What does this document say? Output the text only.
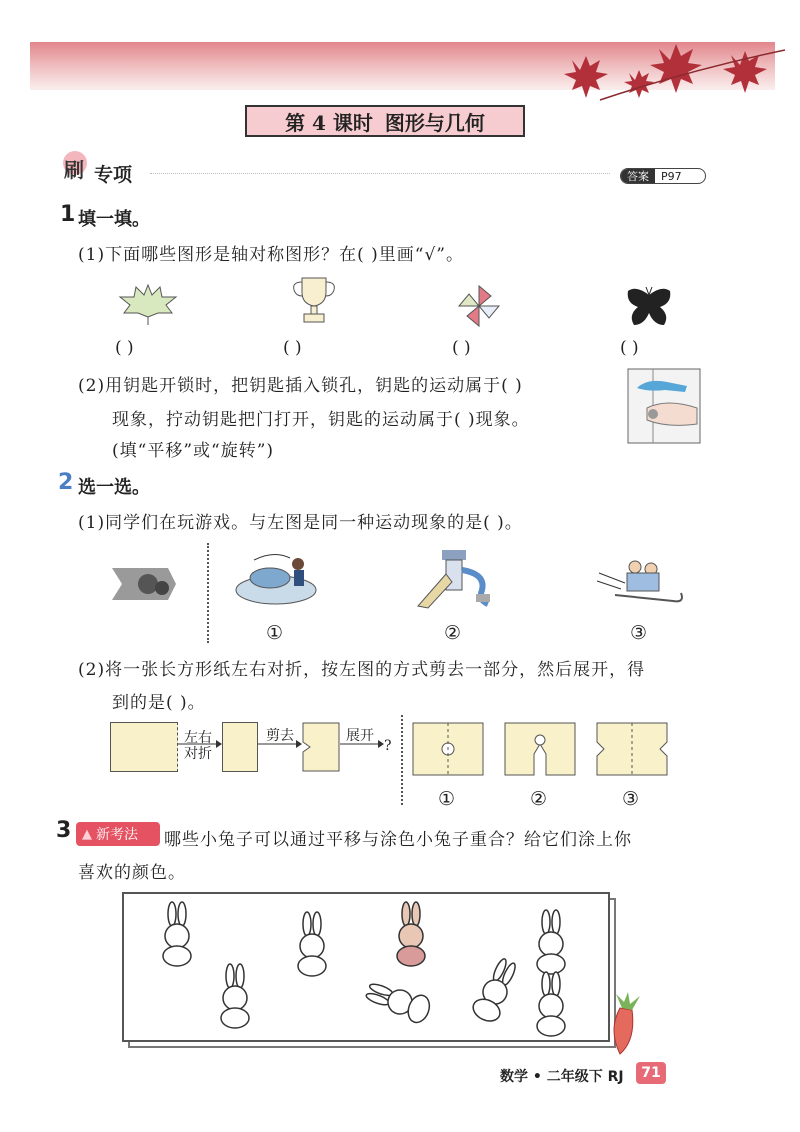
第 4 课时 图形与几何
刷 专项	答案	P97
1 填一填。
(1)下面哪些图形是轴对称图形？在( )里画“√”。
( )	( )	( )	( )
(2)用钥匙开锁时，把钥匙插入锁孔，钥匙的运动属于( )
现象，拧动钥匙把门打开，钥匙的运动属于( )现象。
(填“平移”或“旋转”)
2 选一选。
(1)同学们在玩游戏。与左图是同一种运动现象的是( )。
①	②	③
(2)将一张长方形纸左右对折，按左图的方式剪去一部分，然后展开，得
到的是( )。
左右
对折
剪去	展开
?
①	②	③
3 ▲ 新考法 哪些小兔子可以通过平移与涂色小兔子重合？给它们涂上你
喜欢的颜色。
数学 • 二年级下 RJ	71
